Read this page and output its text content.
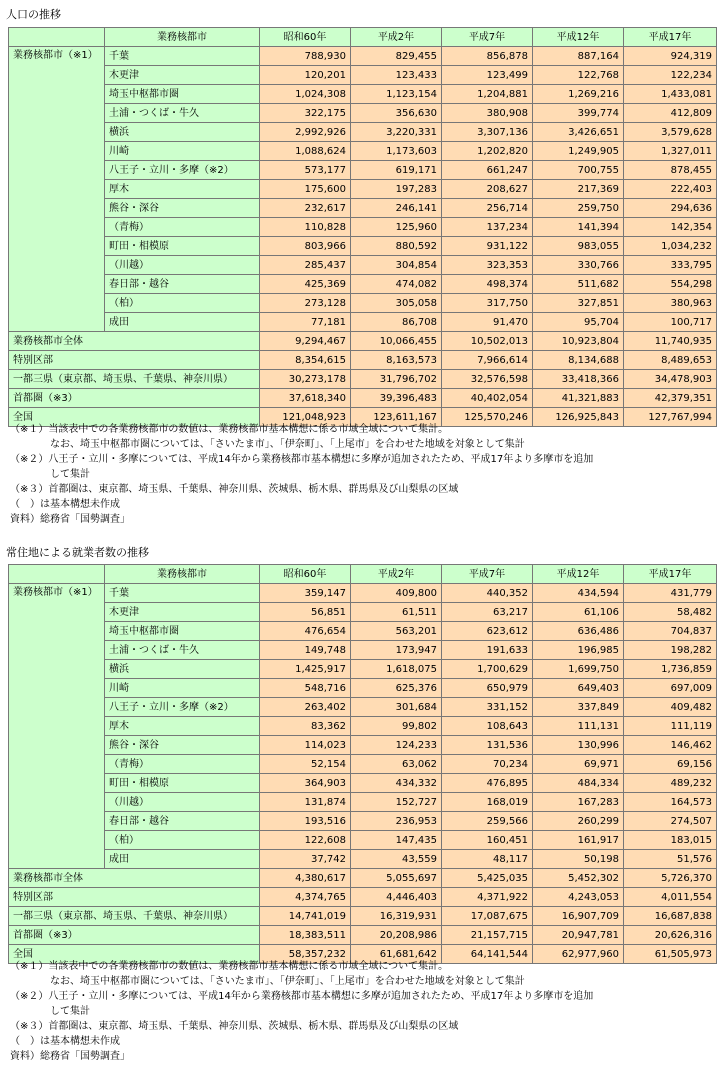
人口の推移
	業務核都市	昭和60年	平成2年	平成7年	平成12年	平成17年
業務核都市（※1）	千葉	788,930	829,455	856,878	887,164	924,319
	木更津	120,201	123,433	123,499	122,768	122,234
	埼玉中枢都市圏	1,024,308	1,123,154	1,204,881	1,269,216	1,433,081
	土浦・つくば・牛久	322,175	356,630	380,908	399,774	412,809
	横浜	2,992,926	3,220,331	3,307,136	3,426,651	3,579,628
	川崎	1,088,624	1,173,603	1,202,820	1,249,905	1,327,011
	八王子・立川・多摩（※2）	573,177	619,171	661,247	700,755	878,455
	厚木	175,600	197,283	208,627	217,369	222,403
	熊谷・深谷	232,617	246,141	256,714	259,750	294,636
	（青梅）	110,828	125,960	137,234	141,394	142,354
	町田・相模原	803,966	880,592	931,122	983,055	1,034,232
	（川越）	285,437	304,854	323,353	330,766	333,795
	春日部・越谷	425,369	474,082	498,374	511,682	554,298
	（柏）	273,128	305,058	317,750	327,851	380,963
	成田	77,181	86,708	91,470	95,704	100,717
業務核都市全体		9,294,467	10,066,455	10,502,013	10,923,804	11,740,935
特別区部		8,354,615	8,163,573	7,966,614	8,134,688	8,489,653
一都三県（東京都、埼玉県、千葉県、神奈川県）		30,273,178	31,796,702	32,576,598	33,418,366	34,478,903
首都圏（※3）		37,618,340	39,396,483	40,402,054	41,321,883	42,379,351
全国		121,048,923	123,611,167	125,570,246	126,925,843	127,767,994
（※１）当該表中での各業務核都市の数値は、業務核都市基本構想に係る市域全域について集計。
　　　　なお、埼玉中枢都市圏については、「さいたま市」、「伊奈町」、「上尾市」を合わせた地域を対象として集計
（※２）八王子・立川・多摩については、平成14年から業務核都市基本構想に多摩が追加されたため、平成17年より多摩市を追加
　　　　して集計
（※３）首都圏は、東京都、埼玉県、千葉県、神奈川県、茨城県、栃木県、群馬県及び山梨県の区域
（　）は基本構想未作成
資料）総務省「国勢調査」
常住地による就業者数の推移
	業務核都市	昭和60年	平成2年	平成7年	平成12年	平成17年
業務核都市（※1）	千葉	359,147	409,800	440,352	434,594	431,779
	木更津	56,851	61,511	63,217	61,106	58,482
	埼玉中枢都市圏	476,654	563,201	623,612	636,486	704,837
	土浦・つくば・牛久	149,748	173,947	191,633	196,985	198,282
	横浜	1,425,917	1,618,075	1,700,629	1,699,750	1,736,859
	川崎	548,716	625,376	650,979	649,403	697,009
	八王子・立川・多摩（※2）	263,402	301,684	331,152	337,849	409,482
	厚木	83,362	99,802	108,643	111,131	111,119
	熊谷・深谷	114,023	124,233	131,536	130,996	146,462
	（青梅）	52,154	63,062	70,234	69,971	69,156
	町田・相模原	364,903	434,332	476,895	484,334	489,232
	（川越）	131,874	152,727	168,019	167,283	164,573
	春日部・越谷	193,516	236,953	259,566	260,299	274,507
	（柏）	122,608	147,435	160,451	161,917	183,015
	成田	37,742	43,559	48,117	50,198	51,576
業務核都市全体		4,380,617	5,055,697	5,425,035	5,452,302	5,726,370
特別区部		4,374,765	4,446,403	4,371,922	4,243,053	4,011,554
一都三県（東京都、埼玉県、千葉県、神奈川県）		14,741,019	16,319,931	17,087,675	16,907,709	16,687,838
首都圏（※3）		18,383,511	20,208,986	21,157,715	20,947,781	20,626,316
全国		58,357,232	61,681,642	64,141,544	62,977,960	61,505,973
（※１）当該表中での各業務核都市の数値は、業務核都市基本構想に係る市域全域について集計。
　　　　なお、埼玉中枢都市圏については、「さいたま市」、「伊奈町」、「上尾市」を合わせた地域を対象として集計
（※２）八王子・立川・多摩については、平成14年から業務核都市基本構想に多摩が追加されたため、平成17年より多摩市を追加
　　　　して集計
（※３）首都圏は、東京都、埼玉県、千葉県、神奈川県、茨城県、栃木県、群馬県及び山梨県の区域
（　）は基本構想未作成
資料）総務省「国勢調査」
